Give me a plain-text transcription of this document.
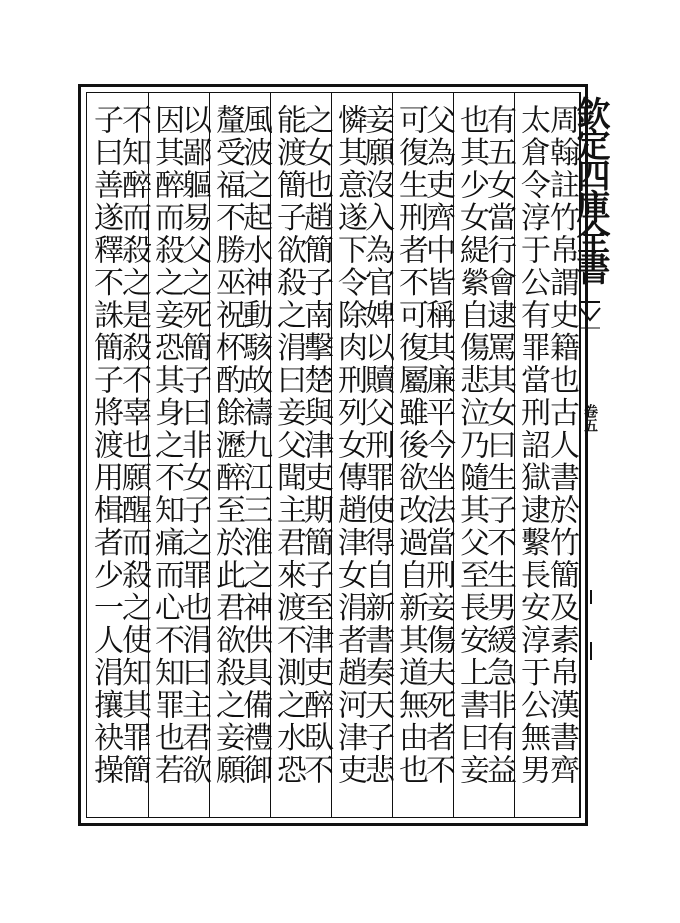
欽定四庫全書
卷五
周翰註竹帛謂史籍也古人書於竹簡及素帛漢書齊
太倉令淳于公有罪當刑詔獄逮繫長安淳于公無男
有五女當行會逮罵其女曰生子不生男緩急非有益
也其少女緹縈自傷悲泣乃隨其父至長安上書曰妾
父為吏齊中皆稱其廉平今坐法當刑妾傷夫死者不
可復生刑者不可復屬雖後欲改過自新其道無由也
妾願沒入為官婢以贖父刑罪使得自新書奏天子悲
憐其意遂下令除肉刑列女傳趙津女涓者趙河津吏
之女也趙簡子南擊楚與津吏期簡子至津吏醉臥不
能渡簡子欲殺之涓曰妾父聞主君來渡不測之水恐
風波之起水神動駭故禱九江三淮之神供具備禮御
釐受福不勝巫祝杯酌餘瀝醉至於此君欲殺之妾願
以鄙軀易父之死簡子曰非女子之罪也涓曰主君欲
因其醉而殺之妾恐其身之不知痛而心不知罪也若
不知醉而殺之是殺不辜也願醒而殺之使知其罪簡
子曰善遂釋不誅簡子將渡用楫者少一人涓攘袂操
